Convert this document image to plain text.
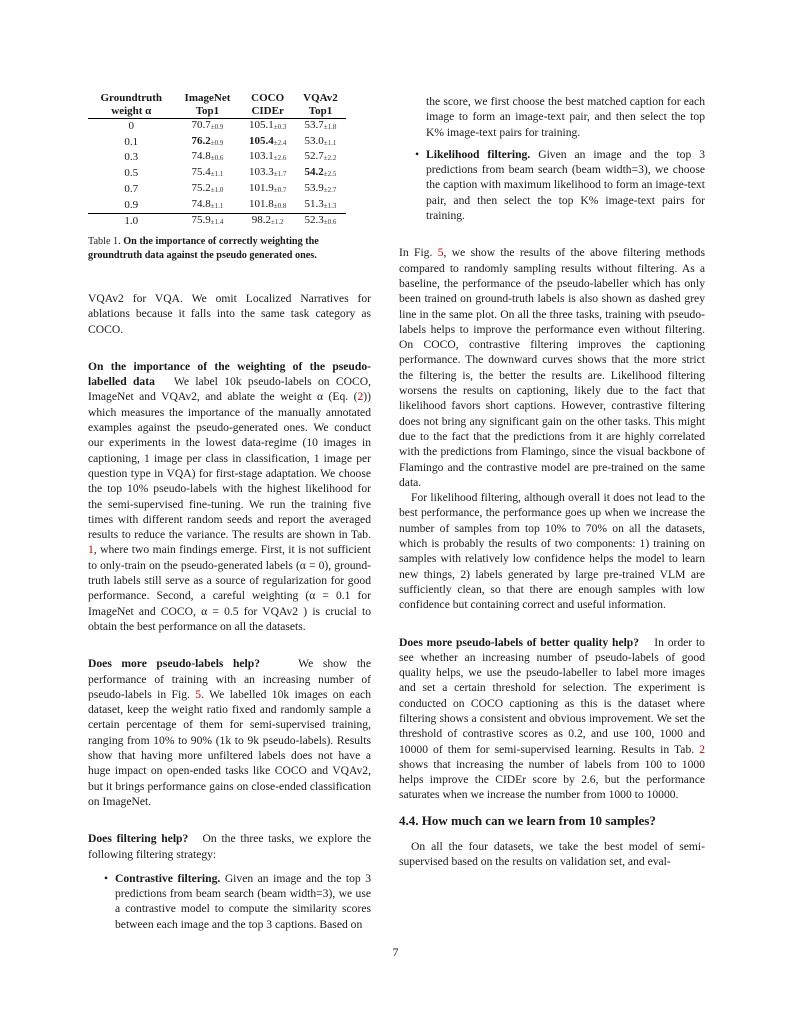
Groundtruth	ImageNet	COCO	VQAv2
weight α	Top1	CIDEr	Top1
0	$70.7_{\pm 0.9}$	$105.1_{\pm 0.3}$	$53.7_{\pm 1.8}$
0.1	$76.2_{\pm 0.9}$	$105.4_{\pm 2.4}$	$53.0_{\pm 1.1}$
0.3	$74.8_{\pm 0.6}$	$103.1_{\pm 2.6}$	$52.7_{\pm 2.2}$
0.5	$75.4_{\pm 1.1}$	$103.3_{\pm 1.7}$	$54.2_{\pm 2.5}$
0.7	$75.2_{\pm 1.0}$	$101.9_{\pm 0.7}$	$53.9_{\pm 2.7}$
0.9	$74.8_{\pm 1.1}$	$101.8_{\pm 0.8}$	$51.3_{\pm 1.3}$
1.0	$75.9_{\pm 1.4}$	$98.2_{\pm 1.2}$	$52.3_{\pm 0.6}$
Table 1. On the importance of correctly weighting the groundtruth data against the pseudo generated ones.

VQAv2 for VQA. We omit Localized Narratives for ablations because it falls into the same task category as COCO.

On the importance of the weighting of the pseudo-labelled data We label 10k pseudo-labels on COCO, ImageNet and VQAv2, and ablate the weight α (Eq. (2)) which measures the importance of the manually annotated examples against the pseudo-generated ones. We conduct our experiments in the lowest data-regime (10 images in captioning, 1 image per class in classification, 1 image per question type in VQA) for first-stage adaptation. We choose the top 10% pseudo-labels with the highest likelihood for the semi-supervised fine-tuning. We run the training five times with different random seeds and report the averaged results to reduce the variance. The results are shown in Tab. 1, where two main findings emerge. First, it is not sufficient to only-train on the pseudo-generated labels (α = 0), ground-truth labels still serve as a source of regularization for good performance. Second, a careful weighting (α = 0.1 for ImageNet and COCO, α = 0.5 for VQAv2 ) is crucial to obtain the best performance on all the datasets.

Does more pseudo-labels help?	We show the performance of training with an increasing number of pseudo-labels in Fig. 5. We labelled 10k images on each dataset, keep the weight ratio fixed and randomly sample a certain percentage of them for semi-supervised training, ranging from 10% to 90% (1k to 9k pseudo-labels). Results show that having more unfiltered labels does not have a huge impact on open-ended tasks like COCO and VQAv2, but it brings performance gains on close-ended classification on ImageNet.

Does filtering help? On the three tasks, we explore the following filtering strategy:

• Contrastive filtering. Given an image and the top 3 predictions from beam search (beam width=3), we use a contrastive model to compute the similarity scores between each image and the top 3 captions. Based on
the score, we first choose the best matched caption for each image to form an image-text pair, and then select the top K% image-text pairs for training.
• Likelihood filtering. Given an image and the top 3 predictions from beam search (beam width=3), we choose the caption with maximum likelihood to form an image-text pair, and then select the top K% image-text pairs for training.

In Fig. 5, we show the results of the above filtering methods compared to randomly sampling results without filtering. As a baseline, the performance of the pseudo-labeller which has only been trained on ground-truth labels is also shown as dashed grey line in the same plot. On all the three tasks, training with pseudo-labels helps to improve the performance even without filtering. On COCO, contrastive filtering improves the captioning performance. The downward curves shows that the more strict the filtering is, the better the results are. Likelihood filtering worsens the results on captioning, likely due to the fact that likelihood favors short captions. However, contrastive filtering does not bring any significant gain on the other tasks. This might due to the fact that the predictions from it are highly correlated with the predictions from Flamingo, since the visual backbone of Flamingo and the contrastive model are pre-trained on the same data.

For likelihood filtering, although overall it does not lead to the best performance, the performance goes up when we increase the number of samples from top 10% to 70% on all the datasets, which is probably the results of two components: 1) training on samples with relatively low confidence helps the model to learn new things, 2) labels generated by large pre-trained VLM are sufficiently clean, so that there are enough samples with low confidence but containing correct and useful information.

Does more pseudo-labels of better quality help? In order to see whether an increasing number of pseudo-labels of good quality helps, we use the pseudo-labeller to label more images and set a certain threshold for selection. The experiment is conducted on COCO captioning as this is the dataset where filtering shows a consistent and obvious improvement. We set the threshold of contrastive scores as 0.2, and use 100, 1000 and 10000 of them for semi-supervised learning. Results in Tab. 2 shows that increasing the number of labels from 100 to 1000 helps improve the CIDEr score by 2.6, but the performance saturates when we increase the number from 1000 to 10000.

4.4. How much can we learn from 10 samples?

On all the four datasets, we take the best model of semi-supervised based on the results on validation set, and eval-

7
